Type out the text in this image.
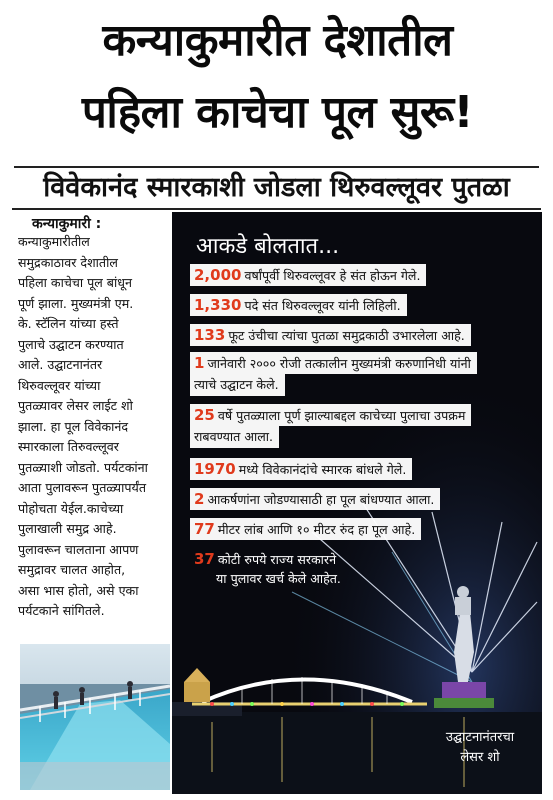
कन्याकुमारीत देशातील
पहिला काचेचा पूल सुरू!
विवेकानंद स्मारकाशी जोडला थिरुवल्लूवर पुतळा
कन्याकुमारी :
कन्याकुमारीतील
समुद्रकाठावर देशातील
पहिला काचेचा पूल बांधून
पूर्ण झाला. मुख्यमंत्री एम.
के. स्टॅलिन यांच्या हस्ते
पुलाचे उद्घाटन करण्यात
आले. उद्घाटनानंतर
थिरुवल्लूवर यांच्या
पुतळ्यावर लेसर लाईट शो
झाला. हा पूल विवेकानंद
स्मारकाला तिरुवल्लूवर
पुतळ्याशी जोडतो. पर्यटकांना
आता पुलावरून पुतळ्यापर्यंत
पोहोचता येईल.काचेच्या
पुलाखाली समुद्र आहे.
पुलावरून चालताना आपण
समुद्रावर चालत आहोत,
असा भास होतो, असे एका
पर्यटकाने सांगितले.
आकडे बोलतात...
2,000 वर्षांपूर्वी थिरुवल्लूवर हे संत होऊन गेले.
1,330 पदे संत थिरुवल्लूवर यांनी लिहिली.
133 फूट उंचीचा त्यांचा पुतळा समुद्रकाठी उभारलेला आहे.
1 जानेवारी २००० रोजी तत्कालीन मुख्यमंत्री करुणानिधी यांनी
त्याचे उद्घाटन केले.
25 वर्षे पुतळ्याला पूर्ण झाल्याबद्दल काचेच्या पुलाचा उपक्रम
राबवण्यात आला.
1970 मध्ये विवेकानंदांचे स्मारक बांधले गेले.
2 आकर्षणांना जोडण्यासाठी हा पूल बांधण्यात आला.
77 मीटर लांब आणि १० मीटर रुंद हा पूल आहे.
37 कोटी रुपये राज्य सरकारने
या पुलावर खर्च केले आहेत.
उद्घाटनानंतरचा
लेसर शो
